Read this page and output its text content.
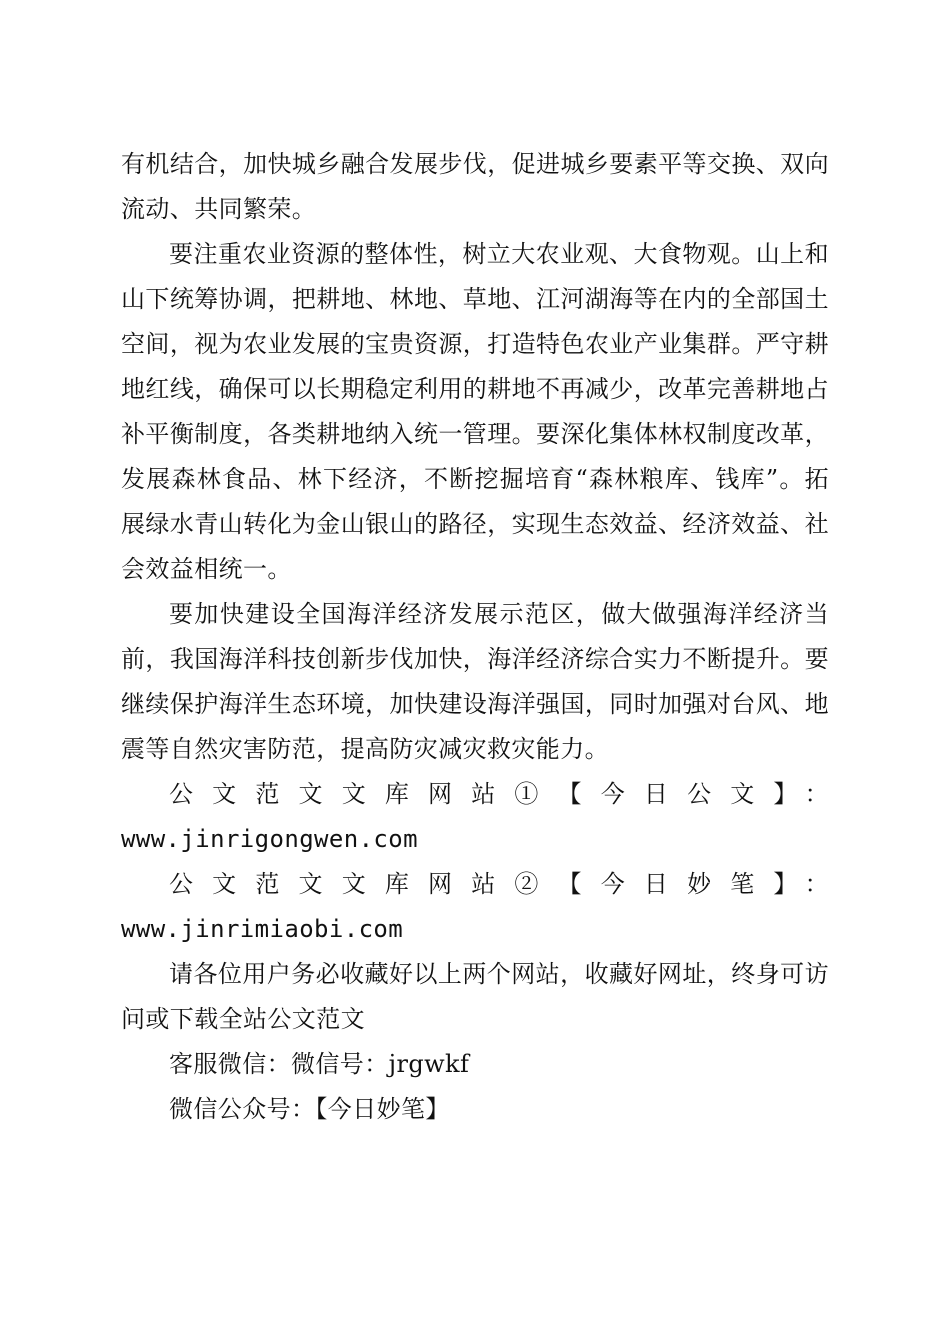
有机结合，加快城乡融合发展步伐，促进城乡要素平等交换、双向流动、共同繁荣。

要注重农业资源的整体性，树立大农业观、大食物观。山上和山下统筹协调，把耕地、林地、草地、江河湖海等在内的全部国土空间，视为农业发展的宝贵资源，打造特色农业产业集群。严守耕地红线，确保可以长期稳定利用的耕地不再减少，改革完善耕地占补平衡制度，各类耕地纳入统一管理。要深化集体林权制度改革，发展森林食品、林下经济，不断挖掘培育“森林粮库、钱库”。拓展绿水青山转化为金山银山的路径，实现生态效益、经济效益、社会效益相统一。

要加快建设全国海洋经济发展示范区，做大做强海洋经济当前，我国海洋科技创新步伐加快，海洋经济综合实力不断提升。要继续保护海洋生态环境，加快建设海洋强国，同时加强对台风、地震等自然灾害防范，提高防灾减灾救灾能力。

公文范文文库网站①【今日公文】：

www.jinrigongwen.com

公文范文文库网站②【今日妙笔】：www.jinrimiaobi.com

请各位用户务必收藏好以上两个网站，收藏好网址，终身可访问或下载全站公文范文

客服微信：微信号：jrgwkf

微信公众号：【今日妙笔】
